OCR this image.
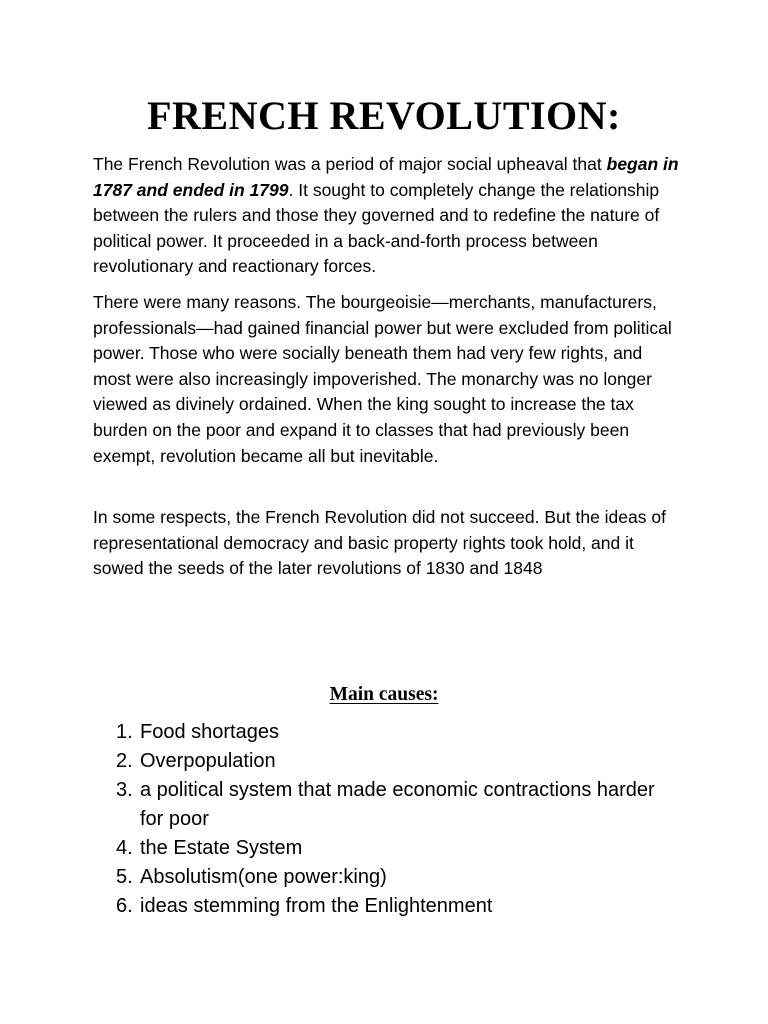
FRENCH REVOLUTION:

The French Revolution was a period of major social upheaval that began in 1787 and ended in 1799. It sought to completely change the relationship between the rulers and those they governed and to redefine the nature of political power. It proceeded in a back-and-forth process between revolutionary and reactionary forces.

There were many reasons. The bourgeoisie—merchants, manufacturers, professionals—had gained financial power but were excluded from political power. Those who were socially beneath them had very few rights, and most were also increasingly impoverished. The monarchy was no longer viewed as divinely ordained. When the king sought to increase the tax burden on the poor and expand it to classes that had previously been exempt, revolution became all but inevitable.

In some respects, the French Revolution did not succeed. But the ideas of representational democracy and basic property rights took hold, and it sowed the seeds of the later revolutions of 1830 and 1848

Main causes:
1. Food shortages
2. Overpopulation
3. a political system that made economic contractions harder for poor
4. the Estate System
5. Absolutism(one power:king)
6. ideas stemming from the Enlightenment
